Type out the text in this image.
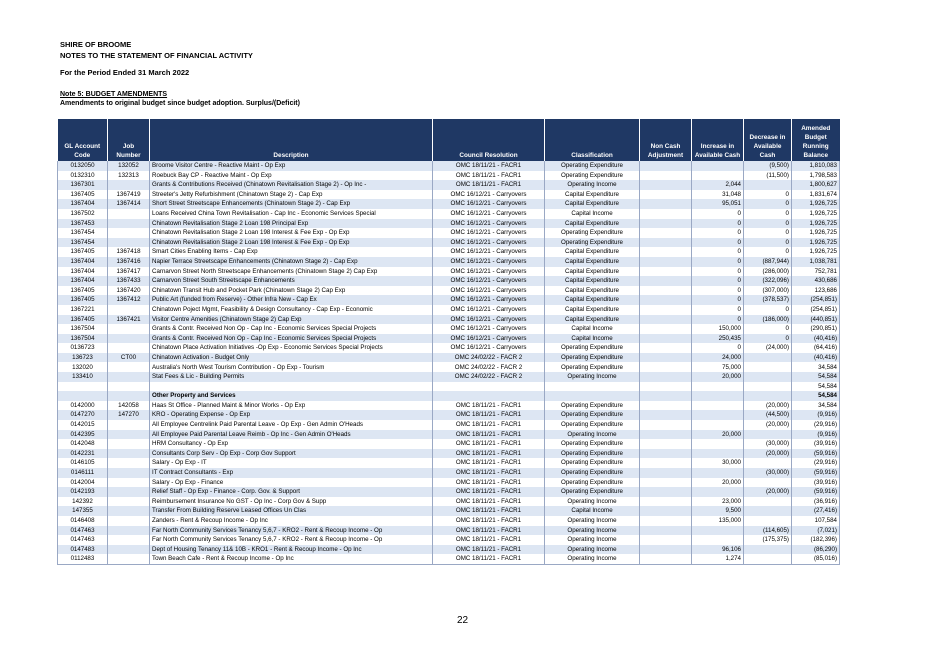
SHIRE OF BROOME
NOTES TO THE STATEMENT OF FINANCIAL ACTIVITY
For the Period Ended 31 March 2022
Note 5: BUDGET AMENDMENTS
Amendments to original budget since budget adoption. Surplus/(Deficit)
GL Account Code	Job Number	Description	Council Resolution	Classification	Non Cash Adjustment	Increase in Available Cash	Decrease in Available Cash	Amended Budget Running Balance
0132050	132052	Broome Visitor Centre - Reactive Maint - Op Exp	OMC 18/11/21 - FACR1	Operating Expenditure			(9,500)	1,810,083
0132310	132313	Roebuck Bay CP - Reactive Maint - Op Exp	OMC 18/11/21 - FACR1	Operating Expenditure			(11,500)	1,798,583
1367301		Grants & Contributions Received (Chinatown Revitalisation Stage 2) - Op Inc -	OMC 18/11/21 - FACR1	Operating Income		2,044		1,800,627
1367405	1367419	Streeter's Jetty Refurbishment (Chinatown Stage 2) - Cap Exp	OMC 16/12/21 - Carryovers	Capital Expenditure		31,048	0	1,831,674
1367404	1367414	Short Street Streetscape Enhancements (Chinatown Stage 2) - Cap Exp	OMC 16/12/21 - Carryovers	Capital Expenditure		95,051	0	1,926,725
1367502		Loans Received China Town Revitalisation - Cap Inc - Economic Services Special	OMC 16/12/21 - Carryovers	Capital Income		0	0	1,926,725
1367453		Chinatown Revitalisation Stage 2 Loan 198 Principal Exp	OMC 16/12/21 - Carryovers	Capital Expenditure		0	0	1,926,725
1367454		Chinatown Revitalisation Stage 2 Loan 198 Interest & Fee Exp - Op Exp	OMC 16/12/21 - Carryovers	Operating Expenditure		0	0	1,926,725
1367454		Chinatown Revitalisation Stage 2 Loan 198 Interest & Fee Exp - Op Exp	OMC 16/12/21 - Carryovers	Operating Expenditure		0	0	1,926,725
1367405	1367418	Smart Cities Enabling Items - Cap Exp	OMC 16/12/21 - Carryovers	Capital Expenditure		0	0	1,926,725
1367404	1367416	Napier Terrace Streetscape Enhancements (Chinatown Stage 2) - Cap Exp	OMC 16/12/21 - Carryovers	Capital Expenditure		0	(887,944)	1,038,781
1367404	1367417	Carnarvon Street North Streetscape Enhancements (Chinatown Stage 2) Cap Exp	OMC 16/12/21 - Carryovers	Capital Expenditure		0	(286,000)	752,781
1367404	1367433	Carnarvon Street South Streetscape Enhancements	OMC 16/12/21 - Carryovers	Capital Expenditure		0	(322,096)	430,686
1367405	1367420	Chinatown Transit Hub and Pocket Park (Chinatown Stage 2) Cap Exp	OMC 16/12/21 - Carryovers	Capital Expenditure		0	(307,000)	123,686
1367405	1367412	Public Art (funded from Reserve) - Other Infra New - Cap Ex	OMC 16/12/21 - Carryovers	Capital Expenditure		0	(378,537)	(254,851)
1367221		Chinatown Poject Mgmt, Feasibility & Design Consultancy - Cap Exp - Economic	OMC 16/12/21 - Carryovers	Capital Expenditure		0	0	(254,851)
1367405	1367421	Visitor Centre Amenities (Chinatown Stage 2) Cap Exp	OMC 16/12/21 - Carryovers	Capital Expenditure		0	(186,000)	(440,851)
1367504		Grants & Contr. Received Non Op - Cap Inc - Economic Services Special Projects	OMC 16/12/21 - Carryovers	Capital Income		150,000	0	(290,851)
1367504		Grants & Contr. Received Non Op - Cap Inc - Economic Services Special Projects	OMC 16/12/21 - Carryovers	Capital Income		250,435	0	(40,416)
0136723		Chinatown Place Activation Initiatives -Op Exp - Economic Services Special Projects	OMC 16/12/21 - Carryovers	Operating Expenditure		0	(24,000)	(64,416)
136723	CT00	Chinatown Activation - Budget Only	OMC 24/02/22 - FACR 2	Operating Expenditure		24,000		(40,416)
132020		Australia's North West Tourism Contribution - Op Exp - Tourism	OMC 24/02/22 - FACR 2	Operating Expenditure		75,000		34,584
133410		Stat Fees & Lic - Building Permits	OMC 24/02/22 - FACR 2	Operating Income		20,000		54,584
								54,584
		Other Property and Services						54,584
0142000	142058	Haas St Office - Planned Maint & Minor Works - Op Exp	OMC 18/11/21 - FACR1	Operating Expenditure			(20,000)	34,584
0147270	147270	KRO - Operating Expense - Op Exp	OMC 18/11/21 - FACR1	Operating Expenditure			(44,500)	(9,916)
0142015		All Employee Centrelink Paid Parental Leave - Op Exp - Gen Admin O'Heads	OMC 18/11/21 - FACR1	Operating Expenditure			(20,000)	(29,916)
0142395		All Employee Paid Parental Leave Reimb - Op Inc - Gen Admin O'Heads	OMC 18/11/21 - FACR1	Operating Income		20,000		(9,916)
0142048		HRM Consultancy - Op Exp	OMC 18/11/21 - FACR1	Operating Expenditure			(30,000)	(39,916)
0142231		Consultants Corp Serv - Op Exp - Corp Gov Support	OMC 18/11/21 - FACR1	Operating Expenditure			(20,000)	(59,916)
0146105		Salary - Op Exp - IT	OMC 18/11/21 - FACR1	Operating Expenditure		30,000		(29,916)
0146111		IT Contract Consultants - Exp	OMC 18/11/21 - FACR1	Operating Expenditure			(30,000)	(59,916)
0142004		Salary - Op Exp - Finance	OMC 18/11/21 - FACR1	Operating Expenditure		20,000		(39,916)
0142193		Relief Staff - Op Exp - Finance - Corp. Gov. & Support	OMC 18/11/21 - FACR1	Operating Expenditure			(20,000)	(59,916)
142392		Reimbursement Insurance No GST - Op Inc - Corp Gov & Supp	OMC 18/11/21 - FACR1	Operating Income		23,000		(36,916)
147355		Transfer From Building Reserve Leased Offices Un Clas	OMC 18/11/21 - FACR1	Capital Income		9,500		(27,416)
0146408		Zanders - Rent & Recoup Income - Op Inc	OMC 18/11/21 - FACR1	Operating Income		135,000		107,584
0147463		Far North Community Services Tenancy 5,6,7 - KRO2 - Rent & Recoup Income - Op	OMC 18/11/21 - FACR1	Operating Income			(114,605)	(7,021)
0147463		Far North Community Services Tenancy 5,6,7 - KRO2 - Rent & Recoup Income - Op	OMC 18/11/21 - FACR1	Operating Income			(175,375)	(182,396)
0147483		Dept of Housing Tenancy 11& 10B - KRO1 - Rent & Recoup Income - Op Inc	OMC 18/11/21 - FACR1	Operating Income		96,106		(86,290)
0112483		Town Beach Cafe - Rent & Recoup Income - Op Inc	OMC 18/11/21 - FACR1	Operating Income		1,274		(85,016)
22
